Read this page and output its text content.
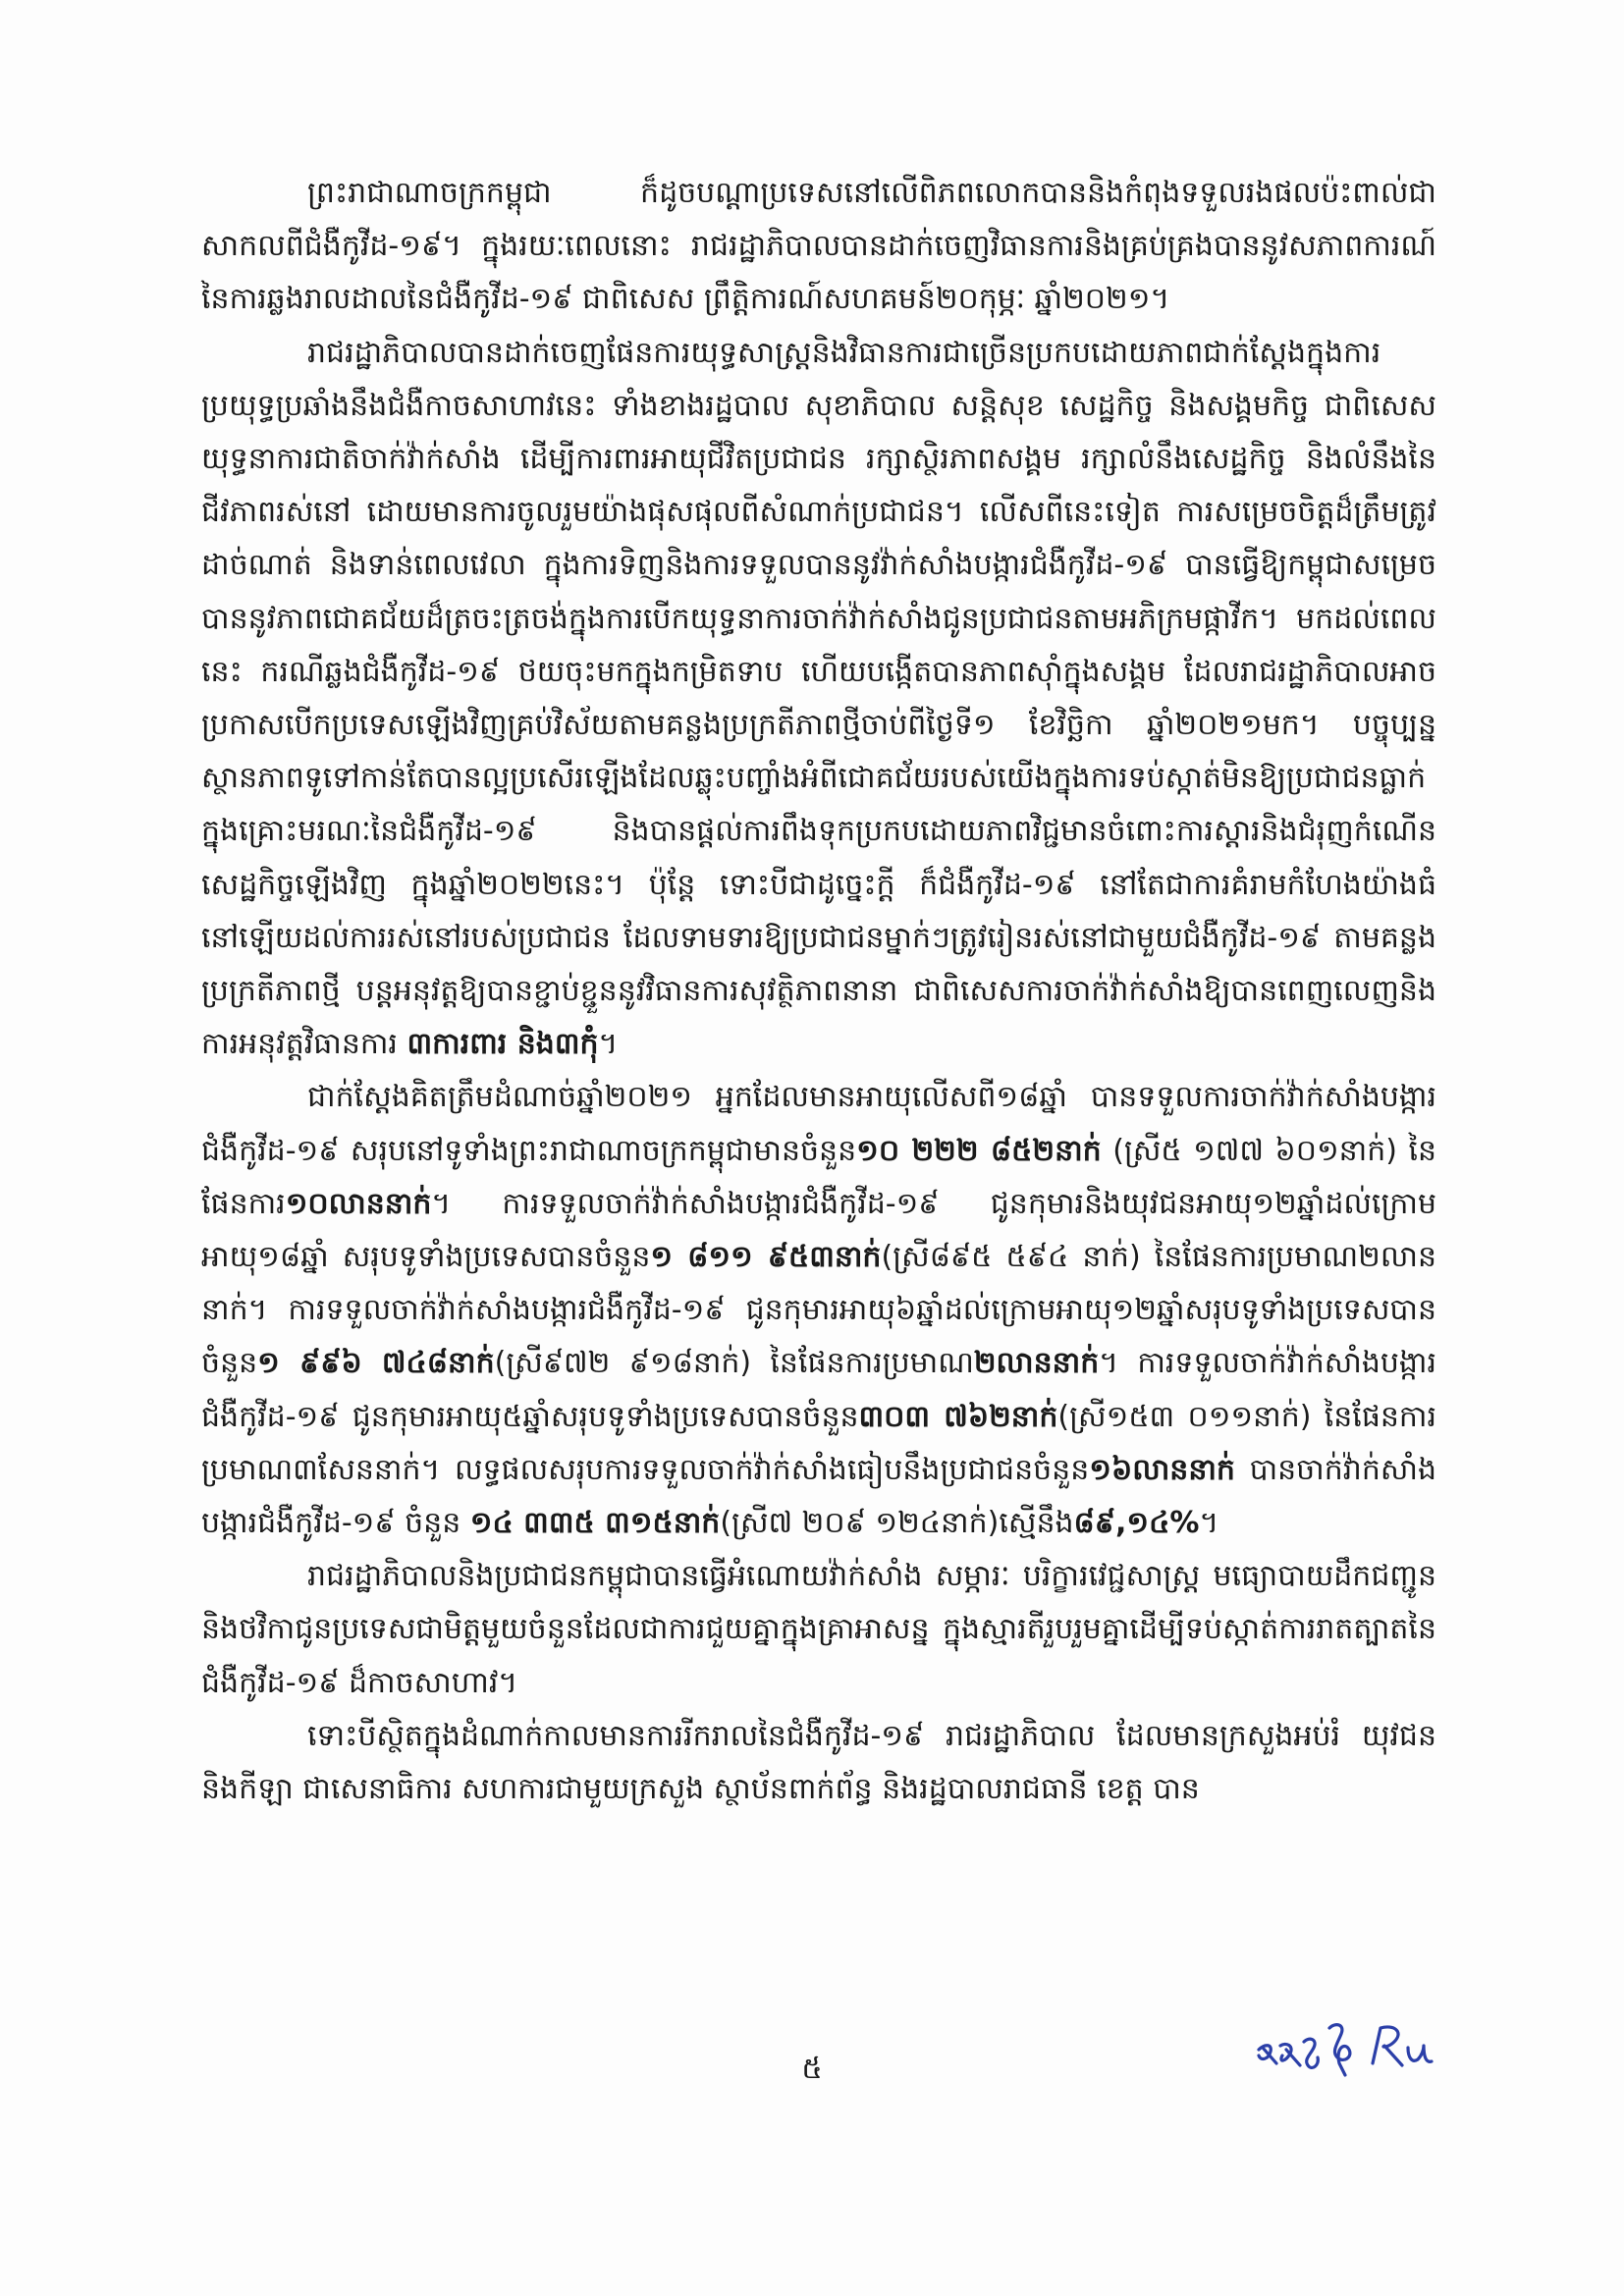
ព្រះរាជាណាចក្រកម្ពុជា ក៏ដូចបណ្តាប្រទេសនៅលើពិភពលោកបាននិងកំពុងទទួលរងផលប៉ះពាល់ជាសាកលពីជំងឺកូវីដ-១៩។ ក្នុងរយៈពេលនោះ រាជរដ្ឋាភិបាលបានដាក់ចេញវិធានការនិងគ្រប់គ្រងបាននូវសភាពការណ៍នៃការឆ្លងរាលដាលនៃជំងឺកូវីដ-១៩ ជាពិសេស ព្រឹត្តិការណ៍សហគមន៍២០កុម្ភៈ ឆ្នាំ២០២១។

រាជរដ្ឋាភិបាលបានដាក់ចេញផែនការយុទ្ធសាស្ត្រនិងវិធានការជាច្រើនប្រកបដោយភាពជាក់ស្តែងក្នុងការប្រយុទ្ធប្រឆាំងនឹងជំងឺកាចសាហាវនេះ ទាំងខាងរដ្ឋបាល សុខាភិបាល សន្តិសុខ សេដ្ឋកិច្ច និងសង្គមកិច្ច ជាពិសេសយុទ្ធនាការជាតិចាក់វ៉ាក់សាំង ដើម្បីការពារអាយុជីវិតប្រជាជន រក្សាស្ថិរភាពសង្គម រក្សាលំនឹងសេដ្ឋកិច្ច និងលំនឹងនៃជីវភាពរស់នៅ ដោយមានការចូលរួមយ៉ាងផុសផុលពីសំណាក់ប្រជាជន។ លើសពីនេះទៀត ការសម្រេចចិត្តដ៏ត្រឹមត្រូវ ដាច់ណាត់ និងទាន់ពេលវេលា ក្នុងការទិញនិងការទទួលបាននូវវ៉ាក់សាំងបង្ការជំងឺកូវីដ-១៩ បានធ្វើឱ្យកម្ពុជាសម្រេចបាននូវភាពជោគជ័យដ៏ត្រចះត្រចង់ក្នុងការបើកយុទ្ធនាការចាក់វ៉ាក់សាំងជូនប្រជាជនតាមអភិក្រមផ្កាវីក។ មកដល់ពេលនេះ ករណីឆ្លងជំងឺកូវីដ-១៩ ថយចុះមកក្នុងកម្រិតទាប ហើយបង្កើតបានភាពស៊ាំក្នុងសង្គម ដែលរាជរដ្ឋាភិបាលអាចប្រកាសបើកប្រទេសឡើងវិញគ្រប់វិស័យតាមគន្លងប្រក្រតីភាពថ្មីចាប់ពីថ្ងៃទី១ ខែវិច្ឆិកា ឆ្នាំ២០២១មក។ បច្ចុប្បន្នស្ថានភាពទូទៅកាន់តែបានល្អប្រសើរឡើងដែលឆ្លុះបញ្ចាំងអំពីជោគជ័យរបស់យើងក្នុងការទប់ស្កាត់មិនឱ្យប្រជាជនធ្លាក់ក្នុងគ្រោះមរណៈនៃជំងឺកូវីដ-១៩ និងបានផ្តល់ការពឹងទុកប្រកបដោយភាពវិជ្ជមានចំពោះការស្តារនិងជំរុញកំណើនសេដ្ឋកិច្ចឡើងវិញ ក្នុងឆ្នាំ២០២២នេះ។ ប៉ុន្តែ ទោះបីជាដូច្នេះក្តី ក៏ជំងឺកូវីដ-១៩ នៅតែជាការគំរាមកំហែងយ៉ាងធំនៅឡើយដល់ការរស់នៅរបស់ប្រជាជន ដែលទាមទារឱ្យប្រជាជនម្នាក់ៗត្រូវរៀនរស់នៅជាមួយជំងឺកូវីដ-១៩ តាមគន្លងប្រក្រតីភាពថ្មី បន្តអនុវត្តឱ្យបានខ្ជាប់ខ្ជួននូវវិធានការសុវត្ថិភាពនានា ជាពិសេសការចាក់វ៉ាក់សាំងឱ្យបានពេញលេញនិងការអនុវត្តវិធានការ ៣ការពារ និង៣កុំ។

ជាក់ស្តែងគិតត្រឹមដំណាច់ឆ្នាំ២០២១ អ្នកដែលមានអាយុលើសពី១៨ឆ្នាំ បានទទួលការចាក់វ៉ាក់សាំងបង្ការជំងឺកូវីដ-១៩ សរុបនៅទូទាំងព្រះរាជាណាចក្រកម្ពុជាមានចំនួន១០ ២២២ ៨៥២នាក់ (ស្រី៥ ១៧៧ ៦០១នាក់) នៃផែនការ១០លាននាក់។ ការទទួលចាក់វ៉ាក់សាំងបង្ការជំងឺកូវីដ-១៩ ជូនកុមារនិងយុវជនអាយុ១២ឆ្នាំដល់ក្រោមអាយុ១៨ឆ្នាំ សរុបទូទាំងប្រទេសបានចំនួន១ ៨១១ ៩៥៣នាក់(ស្រី៨៩៥ ៥៩៤ នាក់) នៃផែនការប្រមាណ២លាននាក់។ ការទទួលចាក់វ៉ាក់សាំងបង្ការជំងឺកូវីដ-១៩ ជូនកុមារអាយុ៦ឆ្នាំដល់ក្រោមអាយុ១២ឆ្នាំសរុបទូទាំងប្រទេសបានចំនួន១ ៩៩៦ ៧៤៨នាក់(ស្រី៩៧២ ៩១៨នាក់) នៃផែនការប្រមាណ២លាននាក់។ ការទទួលចាក់វ៉ាក់សាំងបង្ការជំងឺកូវីដ-១៩ ជូនកុមារអាយុ៥ឆ្នាំសរុបទូទាំងប្រទេសបានចំនួន៣០៣ ៧៦២នាក់(ស្រី១៥៣ ០១១នាក់) នៃផែនការប្រមាណ៣សែននាក់។ លទ្ធផលសរុបការទទួលចាក់វ៉ាក់សាំងធៀបនឹងប្រជាជនចំនួន១៦លាននាក់ បានចាក់វ៉ាក់សាំងបង្ការជំងឺកូវីដ-១៩ ចំនួន ១៤ ៣៣៥ ៣១៥នាក់(ស្រី៧ ២០៩ ១២៤នាក់)ស្មើនឹង៨៩,១៤%។

រាជរដ្ឋាភិបាលនិងប្រជាជនកម្ពុជាបានធ្វើអំណោយវ៉ាក់សាំង សម្ភារៈ បរិក្ខារវេជ្ជសាស្ត្រ មធ្យោបាយដឹកជញ្ជូន និងថវិកាជូនប្រទេសជាមិត្តមួយចំនួនដែលជាការជួយគ្នាក្នុងគ្រាអាសន្ន ក្នុងស្មារតីរួបរួមគ្នាដើម្បីទប់ស្កាត់ការរាតត្បាតនៃជំងឺកូវីដ-១៩ ដ៏កាចសាហាវ។

ទោះបីស្ថិតក្នុងដំណាក់កាលមានការរីករាលនៃជំងឺកូវីដ-១៩ រាជរដ្ឋាភិបាល ដែលមានក្រសួងអប់រំ យុវជន និងកីឡា ជាសេនាធិការ សហការជាមួយក្រសួង ស្ថាប័នពាក់ព័ន្ធ និងរដ្ឋបាលរាជធានី ខេត្ត បាន

៥
